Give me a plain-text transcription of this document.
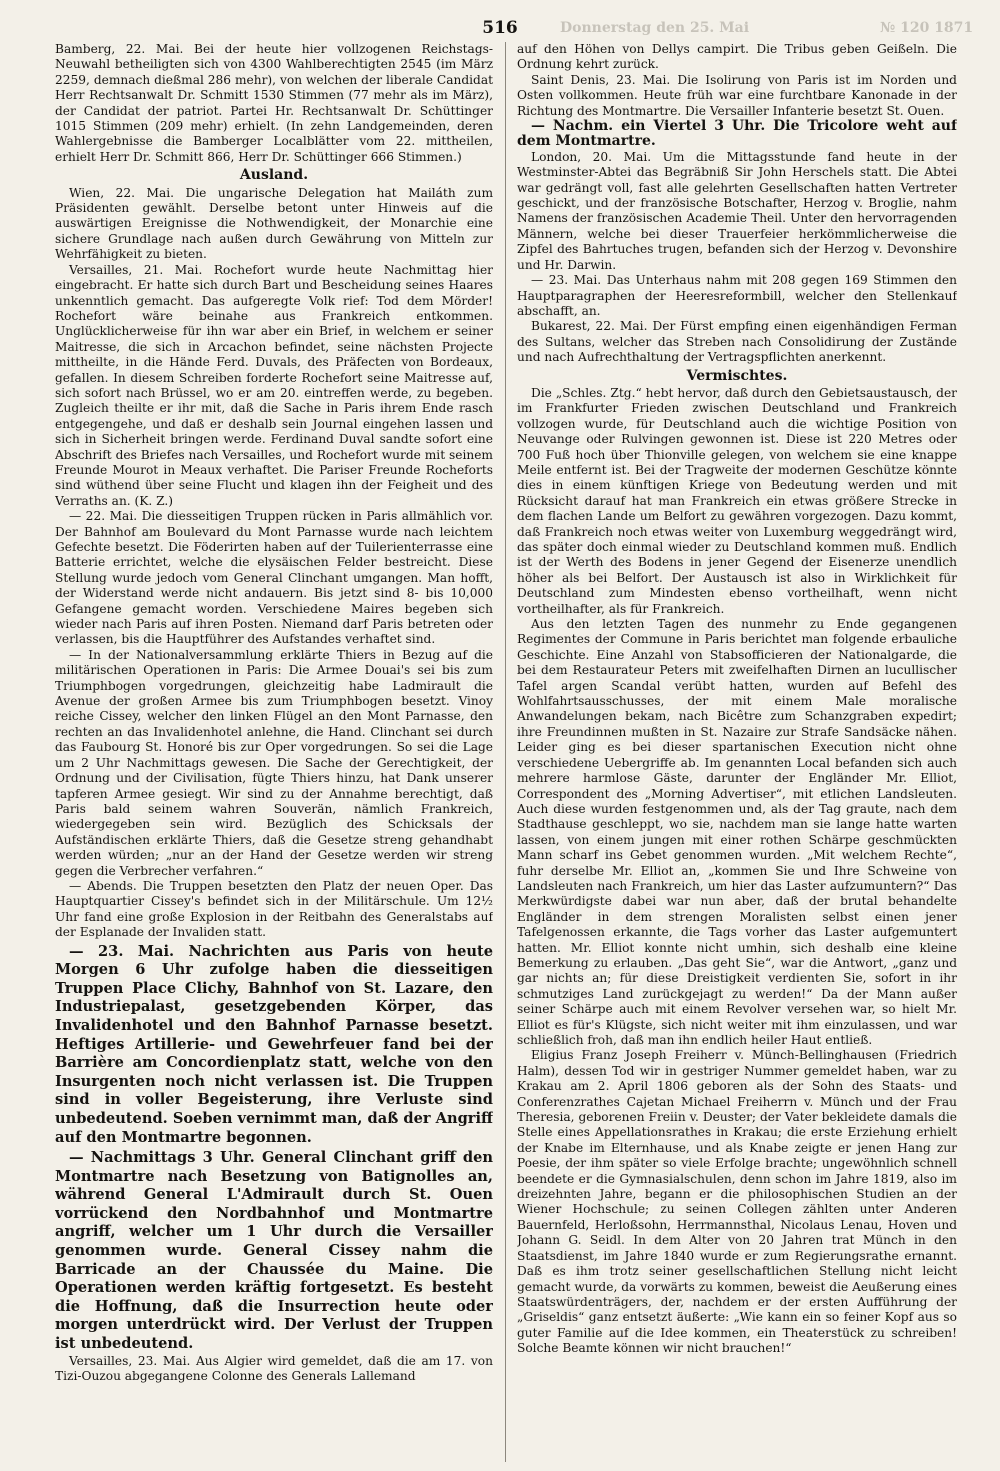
Donnerstag den 25. Mai	№ 120 1871
516

Bamberg, 22. Mai. Bei der heute hier vollzogenen Reichstags-Neuwahl betheiligten sich von 4300 Wahlberechtigten 2545 (im März 2259, demnach dießmal 286 mehr), von welchen der liberale Candidat Herr Rechtsanwalt Dr. Schmitt 1530 Stimmen (77 mehr als im März), der Candidat der patriot. Partei Hr. Rechtsanwalt Dr. Schüttinger 1015 Stimmen (209 mehr) erhielt. (In zehn Landgemeinden, deren Wahlergebnisse die Bamberger Localblätter vom 22. mittheilen, erhielt Herr Dr. Schmitt 866, Herr Dr. Schüttinger 666 Stimmen.)

Ausland.

Wien, 22. Mai. Die ungarische Delegation hat Mailáth zum Präsidenten gewählt. Derselbe betont unter Hinweis auf die auswärtigen Ereignisse die Nothwendigkeit, der Monarchie eine sichere Grundlage nach außen durch Gewährung von Mitteln zur Wehrfähigkeit zu bieten.

Versailles, 21. Mai. Rochefort wurde heute Nachmittag hier eingebracht. Er hatte sich durch Bart und Bescheidung seines Haares unkenntlich gemacht. Das aufgeregte Volk rief: Tod dem Mörder! Rochefort wäre beinahe aus Frankreich entkommen. Unglücklicherweise für ihn war aber ein Brief, in welchem er seiner Maitresse, die sich in Arcachon befindet, seine nächsten Projecte mittheilte, in die Hände Ferd. Duvals, des Präfecten von Bordeaux, gefallen. In diesem Schreiben forderte Rochefort seine Maitresse auf, sich sofort nach Brüssel, wo er am 20. eintreffen werde, zu begeben. Zugleich theilte er ihr mit, daß die Sache in Paris ihrem Ende rasch entgegengehe, und daß er deshalb sein Journal eingehen lassen und sich in Sicherheit bringen werde. Ferdinand Duval sandte sofort eine Abschrift des Briefes nach Versailles, und Rochefort wurde mit seinem Freunde Mourot in Meaux verhaftet. Die Pariser Freunde Rocheforts sind wüthend über seine Flucht und klagen ihn der Feigheit und des Verraths an. (K. Z.)

— 22. Mai. Die diesseitigen Truppen rücken in Paris allmählich vor. Der Bahnhof am Boulevard du Mont Parnasse wurde nach leichtem Gefechte besetzt. Die Föderirten haben auf der Tuilerienterrasse eine Batterie errichtet, welche die elysäischen Felder bestreicht. Diese Stellung wurde jedoch vom General Clinchant umgangen. Man hofft, der Widerstand werde nicht andauern. Bis jetzt sind 8- bis 10,000 Gefangene gemacht worden. Verschiedene Maires begeben sich wieder nach Paris auf ihren Posten. Niemand darf Paris betreten oder verlassen, bis die Hauptführer des Aufstandes verhaftet sind.

— In der Nationalversammlung erklärte Thiers in Bezug auf die militärischen Operationen in Paris: Die Armee Douai's sei bis zum Triumphbogen vorgedrungen, gleichzeitig habe Ladmirault die Avenue der großen Armee bis zum Triumphbogen besetzt. Vinoy reiche Cissey, welcher den linken Flügel an den Mont Parnasse, den rechten an das Invalidenhotel anlehne, die Hand. Clinchant sei durch das Faubourg St. Honoré bis zur Oper vorgedrungen. So sei die Lage um 2 Uhr Nachmittags gewesen. Die Sache der Gerechtigkeit, der Ordnung und der Civilisation, fügte Thiers hinzu, hat Dank unserer tapferen Armee gesiegt. Wir sind zu der Annahme berechtigt, daß Paris bald seinem wahren Souverän, nämlich Frankreich, wiedergegeben sein wird. Bezüglich des Schicksals der Aufständischen erklärte Thiers, daß die Gesetze streng gehandhabt werden würden; „nur an der Hand der Gesetze werden wir streng gegen die Verbrecher verfahren.“

— Abends. Die Truppen besetzten den Platz der neuen Oper. Das Hauptquartier Cissey's befindet sich in der Militärschule. Um 12½ Uhr fand eine große Explosion in der Reitbahn des Generalstabs auf der Esplanade der Invaliden statt.

— 23. Mai. Nachrichten aus Paris von heute Morgen 6 Uhr zufolge haben die diesseitigen Truppen Place Clichy, Bahnhof von St. Lazare, den Industriepalast, gesetzgebenden Körper, das Invalidenhotel und den Bahnhof Parnasse besetzt. Heftiges Artillerie- und Gewehrfeuer fand bei der Barrière am Concordienplatz statt, welche von den Insurgenten noch nicht verlassen ist. Die Truppen sind in voller Begeisterung, ihre Verluste sind unbedeutend. Soeben vernimmt man, daß der Angriff auf den Montmartre begonnen.

— Nachmittags 3 Uhr. General Clinchant griff den Montmartre nach Besetzung von Batignolles an, während General L'Admirault durch St. Ouen vorrückend den Nordbahnhof und Montmartre angriff, welcher um 1 Uhr durch die Versailler genommen wurde. General Cissey nahm die Barricade an der Chaussée du Maine. Die Operationen werden kräftig fortgesetzt. Es besteht die Hoffnung, daß die Insurrection heute oder morgen unterdrückt wird. Der Verlust der Truppen ist unbedeutend.

Versailles, 23. Mai. Aus Algier wird gemeldet, daß die am 17. von Tizi-Ouzou abgegangene Colonne des Generals Lallemand

auf den Höhen von Dellys campirt. Die Tribus geben Geißeln. Die Ordnung kehrt zurück.

Saint Denis, 23. Mai. Die Isolirung von Paris ist im Norden und Osten vollkommen. Heute früh war eine furchtbare Kanonade in der Richtung des Montmartre. Die Versailler Infanterie besetzt St. Ouen.

— Nachm. ein Viertel 3 Uhr. Die Tricolore weht auf dem Montmartre.

London, 20. Mai. Um die Mittagsstunde fand heute in der Westminster-Abtei das Begräbniß Sir John Herschels statt. Die Abtei war gedrängt voll, fast alle gelehrten Gesellschaften hatten Vertreter geschickt, und der französische Botschafter, Herzog v. Broglie, nahm Namens der französischen Academie Theil. Unter den hervorragenden Männern, welche bei dieser Trauerfeier herkömmlicherweise die Zipfel des Bahrtuches trugen, befanden sich der Herzog v. Devonshire und Hr. Darwin.

— 23. Mai. Das Unterhaus nahm mit 208 gegen 169 Stimmen den Hauptparagraphen der Heeresreformbill, welcher den Stellenkauf abschafft, an.

Bukarest, 22. Mai. Der Fürst empfing einen eigenhändigen Ferman des Sultans, welcher das Streben nach Consolidirung der Zustände und nach Aufrechthaltung der Vertragspflichten anerkennt.

Vermischtes.

Die „Schles. Ztg.“ hebt hervor, daß durch den Gebietsaustausch, der im Frankfurter Frieden zwischen Deutschland und Frankreich vollzogen wurde, für Deutschland auch die wichtige Position von Neuvange oder Rulvingen gewonnen ist. Diese ist 220 Metres oder 700 Fuß hoch über Thionville gelegen, von welchem sie eine knappe Meile entfernt ist. Bei der Tragweite der modernen Geschütze könnte dies in einem künftigen Kriege von Bedeutung werden und mit Rücksicht darauf hat man Frankreich ein etwas größere Strecke in dem flachen Lande um Belfort zu gewähren vorgezogen. Dazu kommt, daß Frankreich noch etwas weiter von Luxemburg weggedrängt wird, das später doch einmal wieder zu Deutschland kommen muß. Endlich ist der Werth des Bodens in jener Gegend der Eisenerze unendlich höher als bei Belfort. Der Austausch ist also in Wirklichkeit für Deutschland zum Mindesten ebenso vortheilhaft, wenn nicht vortheilhafter, als für Frankreich.

Aus den letzten Tagen des nunmehr zu Ende gegangenen Regimentes der Commune in Paris berichtet man folgende erbauliche Geschichte. Eine Anzahl von Stabsofficieren der Nationalgarde, die bei dem Restaurateur Peters mit zweifelhaften Dirnen an lucullischer Tafel argen Scandal verübt hatten, wurden auf Befehl des Wohlfahrtsausschusses, der mit einem Male moralische Anwandelungen bekam, nach Bicêtre zum Schanzgraben expedirt; ihre Freundinnen mußten in St. Nazaire zur Strafe Sandsäcke nähen. Leider ging es bei dieser spartanischen Execution nicht ohne verschiedene Uebergriffe ab. Im genannten Local befanden sich auch mehrere harmlose Gäste, darunter der Engländer Mr. Elliot, Correspondent des „Morning Advertiser“, mit etlichen Landsleuten. Auch diese wurden festgenommen und, als der Tag graute, nach dem Stadthause geschleppt, wo sie, nachdem man sie lange hatte warten lassen, von einem jungen mit einer rothen Schärpe geschmückten Mann scharf ins Gebet genommen wurden. „Mit welchem Rechte“, fuhr derselbe Mr. Elliot an, „kommen Sie und Ihre Schweine von Landsleuten nach Frankreich, um hier das Laster aufzumuntern?“ Das Merkwürdigste dabei war nun aber, daß der brutal behandelte Engländer in dem strengen Moralisten selbst einen jener Tafelgenossen erkannte, die Tags vorher das Laster aufgemuntert hatten. Mr. Elliot konnte nicht umhin, sich deshalb eine kleine Bemerkung zu erlauben. „Das geht Sie“, war die Antwort, „ganz und gar nichts an; für diese Dreistigkeit verdienten Sie, sofort in ihr schmutziges Land zurückgejagt zu werden!“ Da der Mann außer seiner Schärpe auch mit einem Revolver versehen war, so hielt Mr. Elliot es für's Klügste, sich nicht weiter mit ihm einzulassen, und war schließlich froh, daß man ihn endlich heiler Haut entließ.

Eligius Franz Joseph Freiherr v. Münch-Bellinghausen (Friedrich Halm), dessen Tod wir in gestriger Nummer gemeldet haben, war zu Krakau am 2. April 1806 geboren als der Sohn des Staats- und Conferenzrathes Cajetan Michael Freiherrn v. Münch und der Frau Theresia, geborenen Freiin v. Deuster; der Vater bekleidete damals die Stelle eines Appellationsrathes in Krakau; die erste Erziehung erhielt der Knabe im Elternhause, und als Knabe zeigte er jenen Hang zur Poesie, der ihm später so viele Erfolge brachte; ungewöhnlich schnell beendete er die Gymnasialschulen, denn schon im Jahre 1819, also im dreizehnten Jahre, begann er die philosophischen Studien an der Wiener Hochschule; zu seinen Collegen zählten unter Anderen Bauernfeld, Herloßsohn, Herrmannsthal, Nicolaus Lenau, Hoven und Johann G. Seidl. In dem Alter von 20 Jahren trat Münch in den Staatsdienst, im Jahre 1840 wurde er zum Regierungsrathe ernannt. Daß es ihm trotz seiner gesellschaftlichen Stellung nicht leicht gemacht wurde, da vorwärts zu kommen, beweist die Aeußerung eines Staatswürdenträgers, der, nachdem er der ersten Aufführung der „Griseldis“ ganz entsetzt äußerte: „Wie kann ein so feiner Kopf aus so guter Familie auf die Idee kommen, ein Theaterstück zu schreiben! Solche Beamte können wir nicht brauchen!“
